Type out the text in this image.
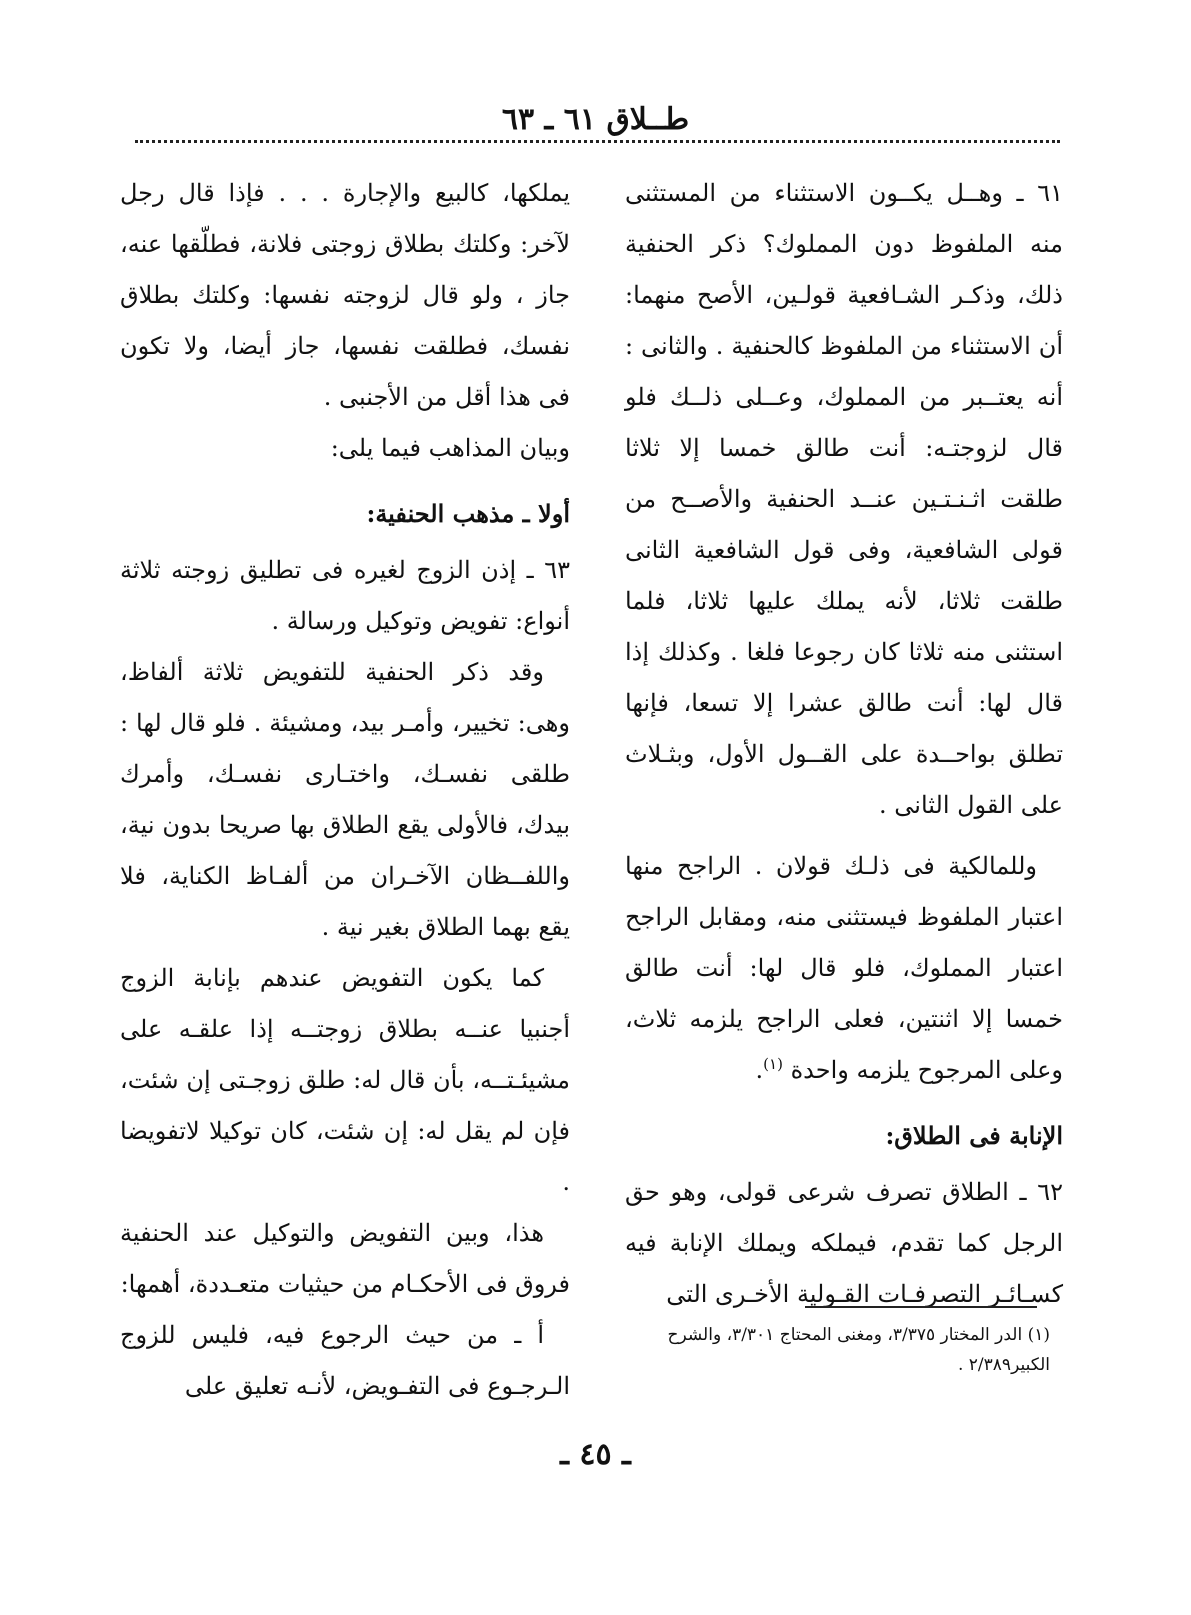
طــلاق ٦١ ـ ٦٣

٦١ ـ وهــل يكــون الاستثناء من المستثنى منه الملفوظ دون المملوك؟ ذكر الحنفية ذلك، وذكـر الشـافعية قولـين، الأصح منهما: أن الاستثناء من الملفوظ كالحنفية . والثانى : أنه يعتــبر من المملوك، وعــلى ذلــك فلو قال لزوجتـه: أنت طالق خمسا إلا ثلاثا طلقت اثـنـتـين عنــد الحنفية والأصــح من قولى الشافعية، وفى قول الشافعية الثانى طلقت ثلاثا، لأنه يملك عليها ثلاثا، فلما استثنى منه ثلاثا كان رجوعا فلغا . وكذلك إذا قال لها: أنت طالق عشرا إلا تسعا، فإنها تطلق بواحــدة على القــول الأول، وبثـلاث على القول الثانى .

وللمالكية فى ذلـك قولان . الراجح منها اعتبار الملفوظ فيستثنى منه، ومقابل الراجح اعتبار المملوك، فلو قال لها: أنت طالق خمسا إلا اثنتين، فعلى الراجح يلزمه ثلاث، وعلى المرجوح يلزمه واحدة $^{(١)}$.

الإنابة فى الطلاق:

٦٢ ـ الطلاق تصرف شرعى قولى، وهو حق الرجل كما تقدم، فيملكه ويملك الإنابة فيه كسـائـر التصرفـات القـولية الأخـرى التى

يملكها، كالبيع والإجارة . . . فإذا قال رجل لآخر: وكلتك بطلاق زوجتى فلانة، فطلّقها عنه، جاز ، ولو قال لزوجته نفسها: وكلتك بطلاق نفسك، فطلقت نفسها، جاز أيضا، ولا تكون فى هذا أقل من الأجنبى .

وبيان المذاهب فيما يلى:

أولا ـ مذهب الحنفية:

٦٣ ـ إذن الزوج لغيره فى تطليق زوجته ثلاثة أنواع: تفويض وتوكيل ورسالة .

وقد ذكر الحنفية للتفويض ثلاثة ألفاظ، وهى: تخيير، وأمـر بيد، ومشيئة . فلو قال لها : طلقى نفسـك، واختـارى نفسـك، وأمرك بيدك، فالأولى يقع الطلاق بها صريحا بدون نية، واللفــظان الآخـران من ألفـاظ الكناية، فلا يقع بهما الطلاق بغير نية .

كما يكون التفويض عندهم بإنابة الزوج أجنبيا عنــه بطلاق زوجتــه إذا علقـه على مشيئـتــه، بأن قال له: طلق زوجـتى إن شئت، فإن لم يقل له: إن شئت، كان توكيلا لاتفويضا .

هذا، وبين التفويض والتوكيل عند الحنفية فروق فى الأحكـام من حيثيات متعـددة، أهمها:

أ ـ من حيث الرجوع فيه، فليس للزوج الـرجـوع فى التفـويض، لأنـه تعليق على

(١) الدر المختار ٣/٣٧٥، ومغنى المحتاج ٣/٣٠١، والشرح
الكبير٢/٣٨٩ .
ـ ٤٥ ـ
